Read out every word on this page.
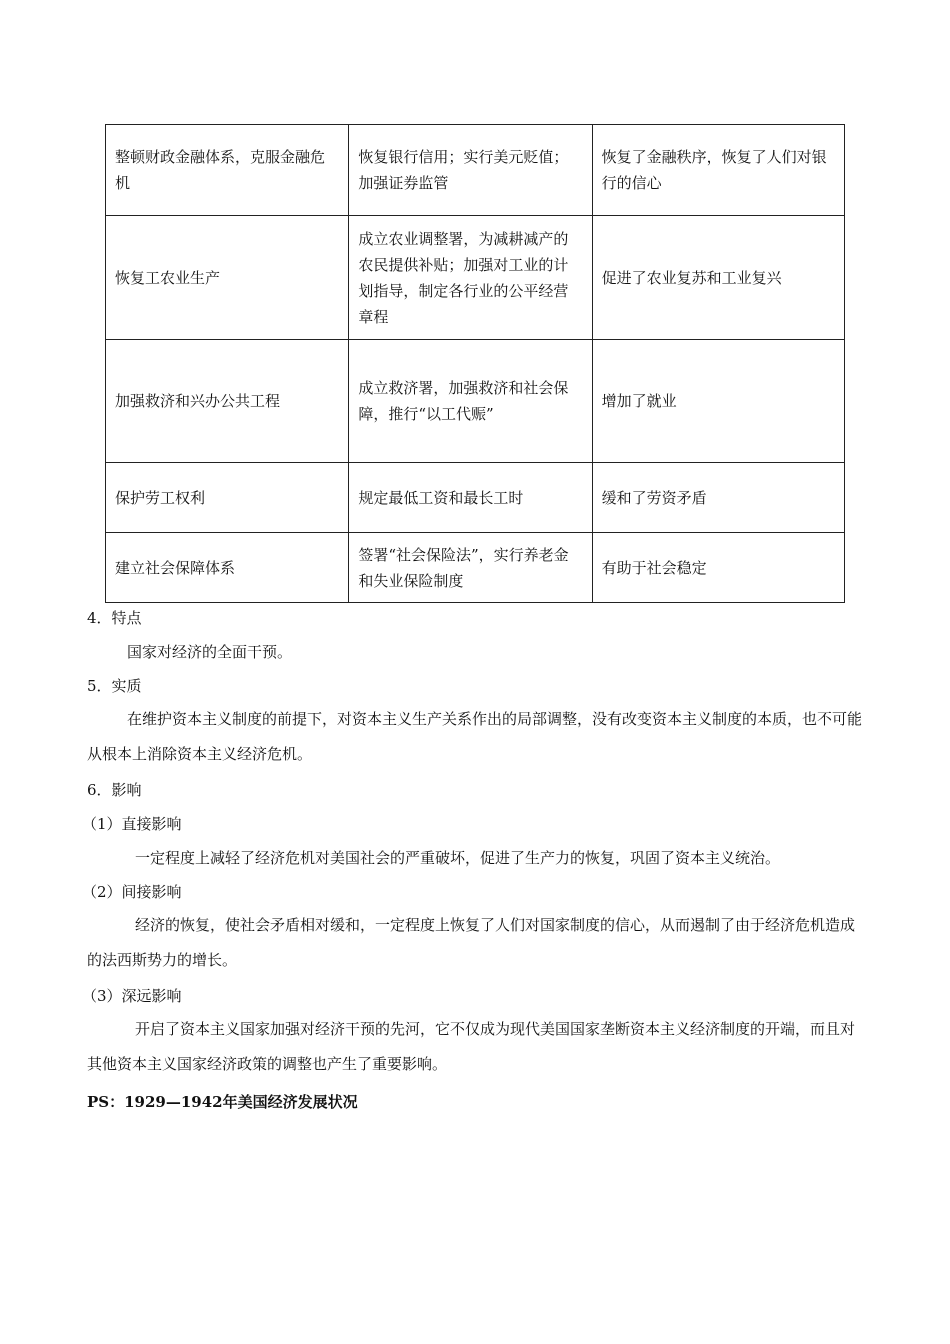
整顿财政金融体系，克服金融危机	恢复银行信用；实行美元贬值；加强证券监管	恢复了金融秩序，恢复了人们对银行的信心
恢复工农业生产	成立农业调整署，为减耕减产的农民提供补贴；加强对工业的计划指导，制定各行业的公平经营章程	促进了农业复苏和工业复兴
加强救济和兴办公共工程	成立救济署，加强救济和社会保障，推行“以工代赈”	增加了就业
保护劳工权利	规定最低工资和最长工时	缓和了劳资矛盾
建立社会保障体系	签署“社会保险法”，实行养老金和失业保险制度	有助于社会稳定
4．特点
国家对经济的全面干预。
5．实质
在维护资本主义制度的前提下，对资本主义生产关系作出的局部调整，没有改变资本主义制度的本质，也不可能从根本上消除资本主义经济危机。
6．影响
（1）直接影响
一定程度上减轻了经济危机对美国社会的严重破坏，促进了生产力的恢复，巩固了资本主义统治。
（2）间接影响
经济的恢复，使社会矛盾相对缓和，一定程度上恢复了人们对国家制度的信心，从而遏制了由于经济危机造成的法西斯势力的增长。
（3）深远影响
开启了资本主义国家加强对经济干预的先河，它不仅成为现代美国国家垄断资本主义经济制度的开端，而且对其他资本主义国家经济政策的调整也产生了重要影响。
PS：1929—1942年美国经济发展状况
